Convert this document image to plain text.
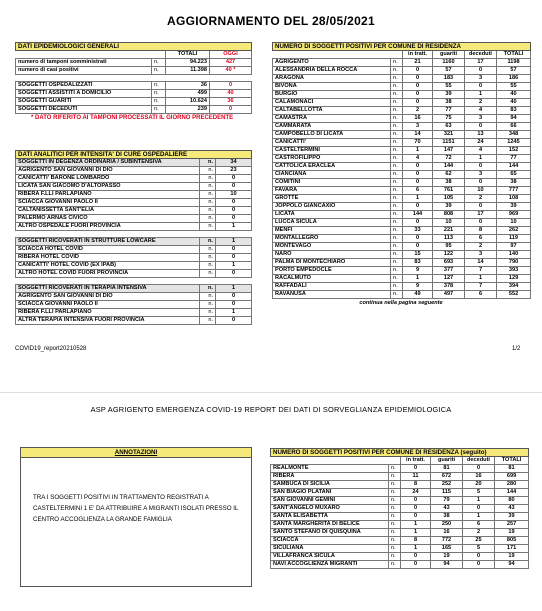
AGGIORNAMENTO DEL 28/05/2021
DATI EPIDEMIOLOGICI GENERALI			
		TOTALI	OGGI
numero di tamponi somministrati	n.	94.223	427
numero di casi positivi	n.	11.398	40 *

SOGGETTI OSPEDALIZZATI	n.	36	0
SOGGETTI ASSISTITI A DOMICILIO	n.	499	40
SOGGETTI GUARITI	n.	10.624	36
SOGGETTI DECEDUTI	n.	239	0
* DATO RIFERITO AI TAMPONI PROCESSATI IL GIORNO PRECEDENTE
DATI ANALITICI PER INTENSITA' DI CURE OSPEDALIERE		
SOGGETTI IN DEGENZA ORDINARIA / SUBINTENSIVA	n.	34
AGRIGENTO SAN GIOVANNI DI DIO	n.	23
CANICATTI' BARONE LOMBARDO	n.	0
LICATA SAN GIACOMO D'ALTOPASSO	n.	0
RIBERA F.LLI PARLAPIANO	n.	10
SCIACCA GIOVANNI PAOLO II	n.	0
CALTANISSETTA SANT'ELIA	n.	0
PALERMO ARNAS CIVICO	n.	0
ALTRO OSPEDALE FUORI PROVINCIA	n.	1

SOGGETTI RICOVERATI IN STRUTTURE LOWCARE	n.	1
SCIACCA HOTEL COVID	n.	0
RIBERA HOTEL COVID	n.	0
CANICATTI' HOTEL COVID (EX IPAB)	n.	1
ALTRO HOTEL COVID FUORI PROVINCIA	n.	0

SOGGETTI RICOVERATI IN TERAPIA INTENSIVA	n.	1
AGRIGENTO SAN GIOVANNI DI DIO	n.	0
SCIACCA GIOVANNI PAOLO II	n.	0
RIBERA F.LLI PARLAPIANO	n.	1
ALTRA TERAPIA INTENSIVA FUORI PROVINCIA	n.	0
NUMERO DI SOGGETTI POSITIVI PER COMUNE DI RESIDENZA					
		in tratt.	guariti	deceduti	TOTALI
AGRIGENTO	n.	21	1160	17	1198
ALESSANDRIA DELLA ROCCA	n.	0	57	0	57
ARAGONA	n.	0	183	3	186
BIVONA	n.	0	55	0	55
BURGIO	n.	0	39	1	40
CALAMONACI	n.	0	38	2	40
CALTABELLOTTA	n.	2	77	4	83
CAMASTRA	n.	16	75	3	94
CAMMARATA	n.	3	63	0	66
CAMPOBELLO DI LICATA	n.	14	321	13	348
CANICATTI'	n.	70	1151	24	1245
CASTELTERMINI	n.	1	147	4	152
CASTROFILIPPO	n.	4	72	1	77
CATTOLICA ERACLEA	n.	0	144	0	144
CIANCIANA	n.	0	62	3	65
COMITINI	n.	0	38	0	38
FAVARA	n.	6	761	10	777
GROTTE	n.	1	105	2	108
JOPPOLO GIANCAXIO	n.	0	39	0	39
LICATA	n.	144	808	17	969
LUCCA SICULA	n.	0	10	0	10
MENFI	n.	33	221	8	262
MONTALLEGRO	n.	0	113	6	119
MONTEVAGO	n.	0	95	2	97
NARO	n.	15	122	3	140
PALMA DI MONTECHIARO	n.	83	693	14	790
PORTO EMPEDOCLE	n.	9	377	7	393
RACALMUTO	n.	1	127	1	129
RAFFADALI	n.	9	378	7	394
RAVANUSA	n.	49	497	6	552
continua nella pagina seguente
COVID19_report20210528	1/2
ASP AGRIGENTO EMERGENZA COVID-19 REPORT DEI DATI DI SORVEGLIANZA EPIDEMIOLOGICA
ANNOTAZIONI
TRA I SOGGETTI POSITIVI IN TRATTAMENTO REGISTRATI A
CASTELTERMINI 1 E' DA ATTRIBUIRE A MIGRANTI ISOLATI PRESSO IL
CENTRO ACCOGLIENZA LA GRANDE FAMIGLIA
NUMERO DI SOGGETTI POSITIVI PER COMUNE DI RESIDENZA (seguito)					
		in tratt.	guariti	deceduti	TOTALI
REALMONTE	n.	0	81	0	81
RIBERA	n.	11	672	16	699
SAMBUCA DI SICILIA	n.	8	252	20	280
SAN BIAGIO PLATANI	n.	24	115	5	144
SAN GIOVANNI GEMINI	n.	0	79	1	80
SANT'ANGELO MUXARO	n.	0	43	0	43
SANTA ELISABETTA	n.	0	38	1	39
SANTA MARGHERITA DI BELICE	n.	1	250	6	257
SANTO STEFANO DI QUISQUINA	n.	1	16	2	19
SCIACCA	n.	8	772	25	805
SICULIANA	n.	1	165	5	171
VILLAFRANCA SICULA	n.	0	19	0	19
NAVI ACCOGLIENZA MIGRANTI	n.	0	94	0	94
